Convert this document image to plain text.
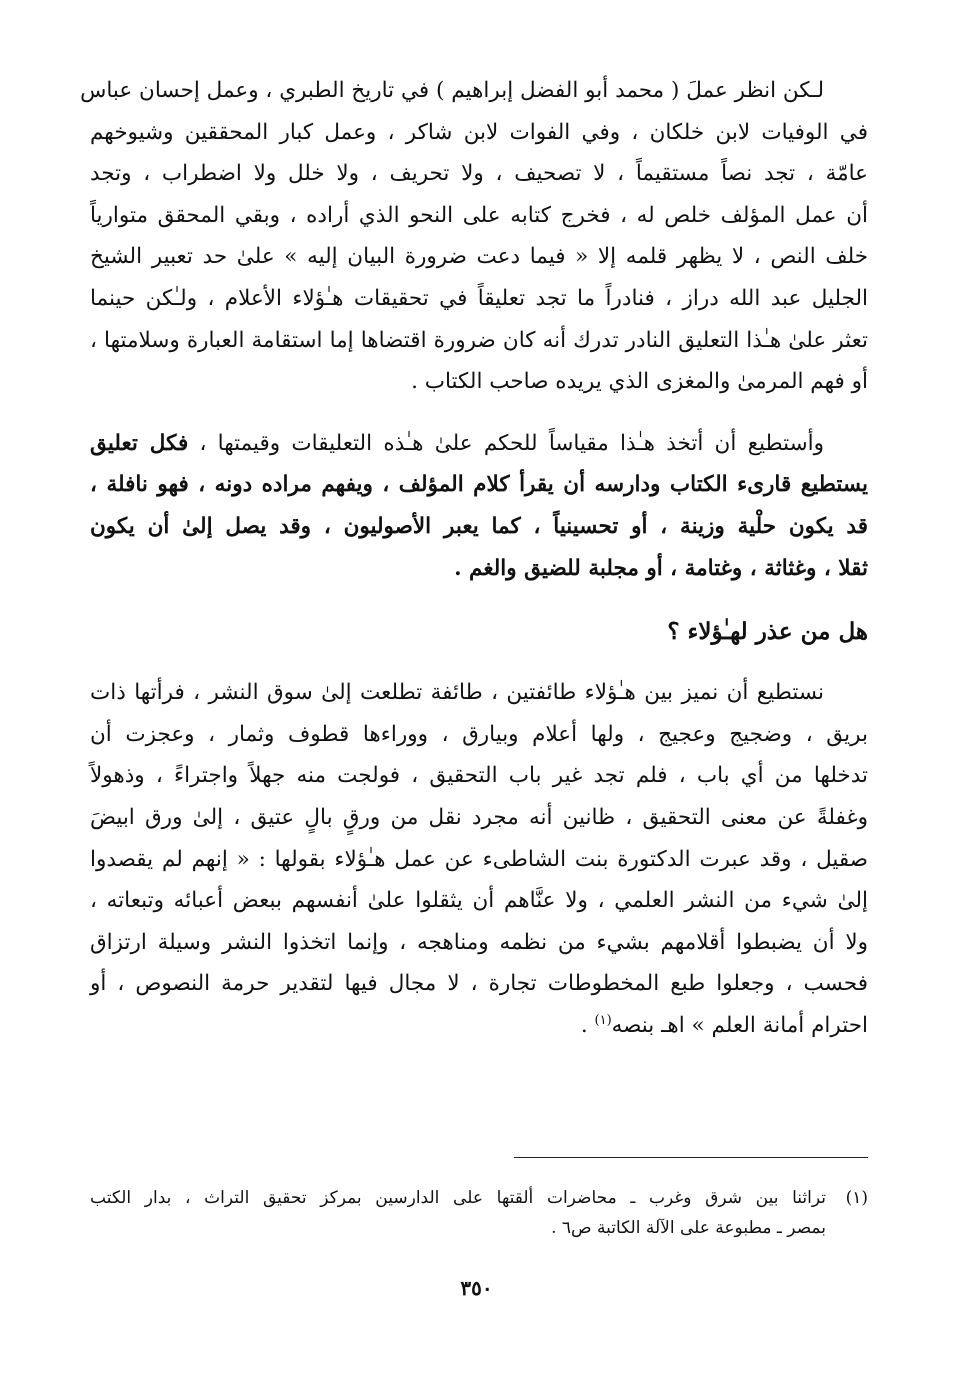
لـكن انظر عملَ ( محمد أبو الفضل إبراهيم ) في تاريخ الطبري ، وعمل إحسان عباس
في الوفيات لابن خلكان ، وفي الفوات لابن شاكر ، وعمل كبار المحققين وشيوخهم
عامّة ، تجد نصاً مستقيماً ، لا تصحيف ، ولا تحريف ، ولا خلل ولا اضطراب ، وتجد
أن عمل المؤلف خلص له ، فخرج كتابه على النحو الذي أراده ، وبقي المحقق متوارياً
خلف النص ، لا يظهر قلمه إلا « فيما دعت ضرورة البيان إليه » علىٰ حد تعبير الشيخ
الجليل عبد الله دراز ، فنادراً ما تجد تعليقاً في تحقيقات هـٰؤلاء الأعلام ، ولـٰكن حينما
تعثر علىٰ هـٰذا التعليق النادر تدرك أنه كان ضرورة اقتضاها إما استقامة العبارة وسلامتها ،
أو فهم المرمىٰ والمغزى الذي يريده صاحب الكتاب .

وأستطيع أن أتخذ هـٰذا مقياساً للحكم علىٰ هـٰذه التعليقات وقيمتها ، فكل تعليق
يستطيع قارىء الكتاب ودارسه أن يقرأ كلام المؤلف ، ويفهم مراده دونه ، فهو نافلة ،
قد يكون حلْية وزينة ، أو تحسينياً ، كما يعبر الأصوليون ، وقد يصل إلىٰ أن يكون
ثقلا ، وغثاثة ، وغتامة ، أو مجلبة للضيق والغم .

هل من عذر لهـٰؤلاء ؟

نستطيع أن نميز بين هـٰؤلاء طائفتين ، طائفة تطلعت إلىٰ سوق النشر ، فرأتها ذات
بريق ، وضجيج وعجيج ، ولها أعلام وبيارق ، ووراءها قطوف وثمار ، وعجزت أن
تدخلها من أي باب ، فلم تجد غير باب التحقيق ، فولجت منه جهلاً واجتراءً ، وذهولاً
وغفلةً عن معنى التحقيق ، ظانين أنه مجرد نقل من ورقٍ بالٍ عتيق ، إلىٰ ورق ابيضَ
صقيل ، وقد عبرت الدكتورة بنت الشاطىء عن عمل هـٰؤلاء بقولها : « إنهم لم يقصدوا
إلىٰ شيء من النشر العلمي ، ولا عنَّاهم أن يثقلوا علىٰ أنفسهم ببعض أعبائه وتبعاته ،
ولا أن يضبطوا أقلامهم بشيء من نظمه ومناهجه ، وإنما اتخذوا النشر وسيلة ارتزاق
فحسب ، وجعلوا طبع المخطوطات تجارة ، لا مجال فيها لتقدير حرمة النصوص ، أو
احترام أمانة العلم » اهـ بنصه$^{(١)}$ .

(١)تراثنا بين شرق وغرب ـ محاضرات ألقتها على الدارسين بمركز تحقيق التراث ، بدار الكتب
بمصر ـ مطبوعة على الآلة الكاتبة ص٦ .
٣٥٠
